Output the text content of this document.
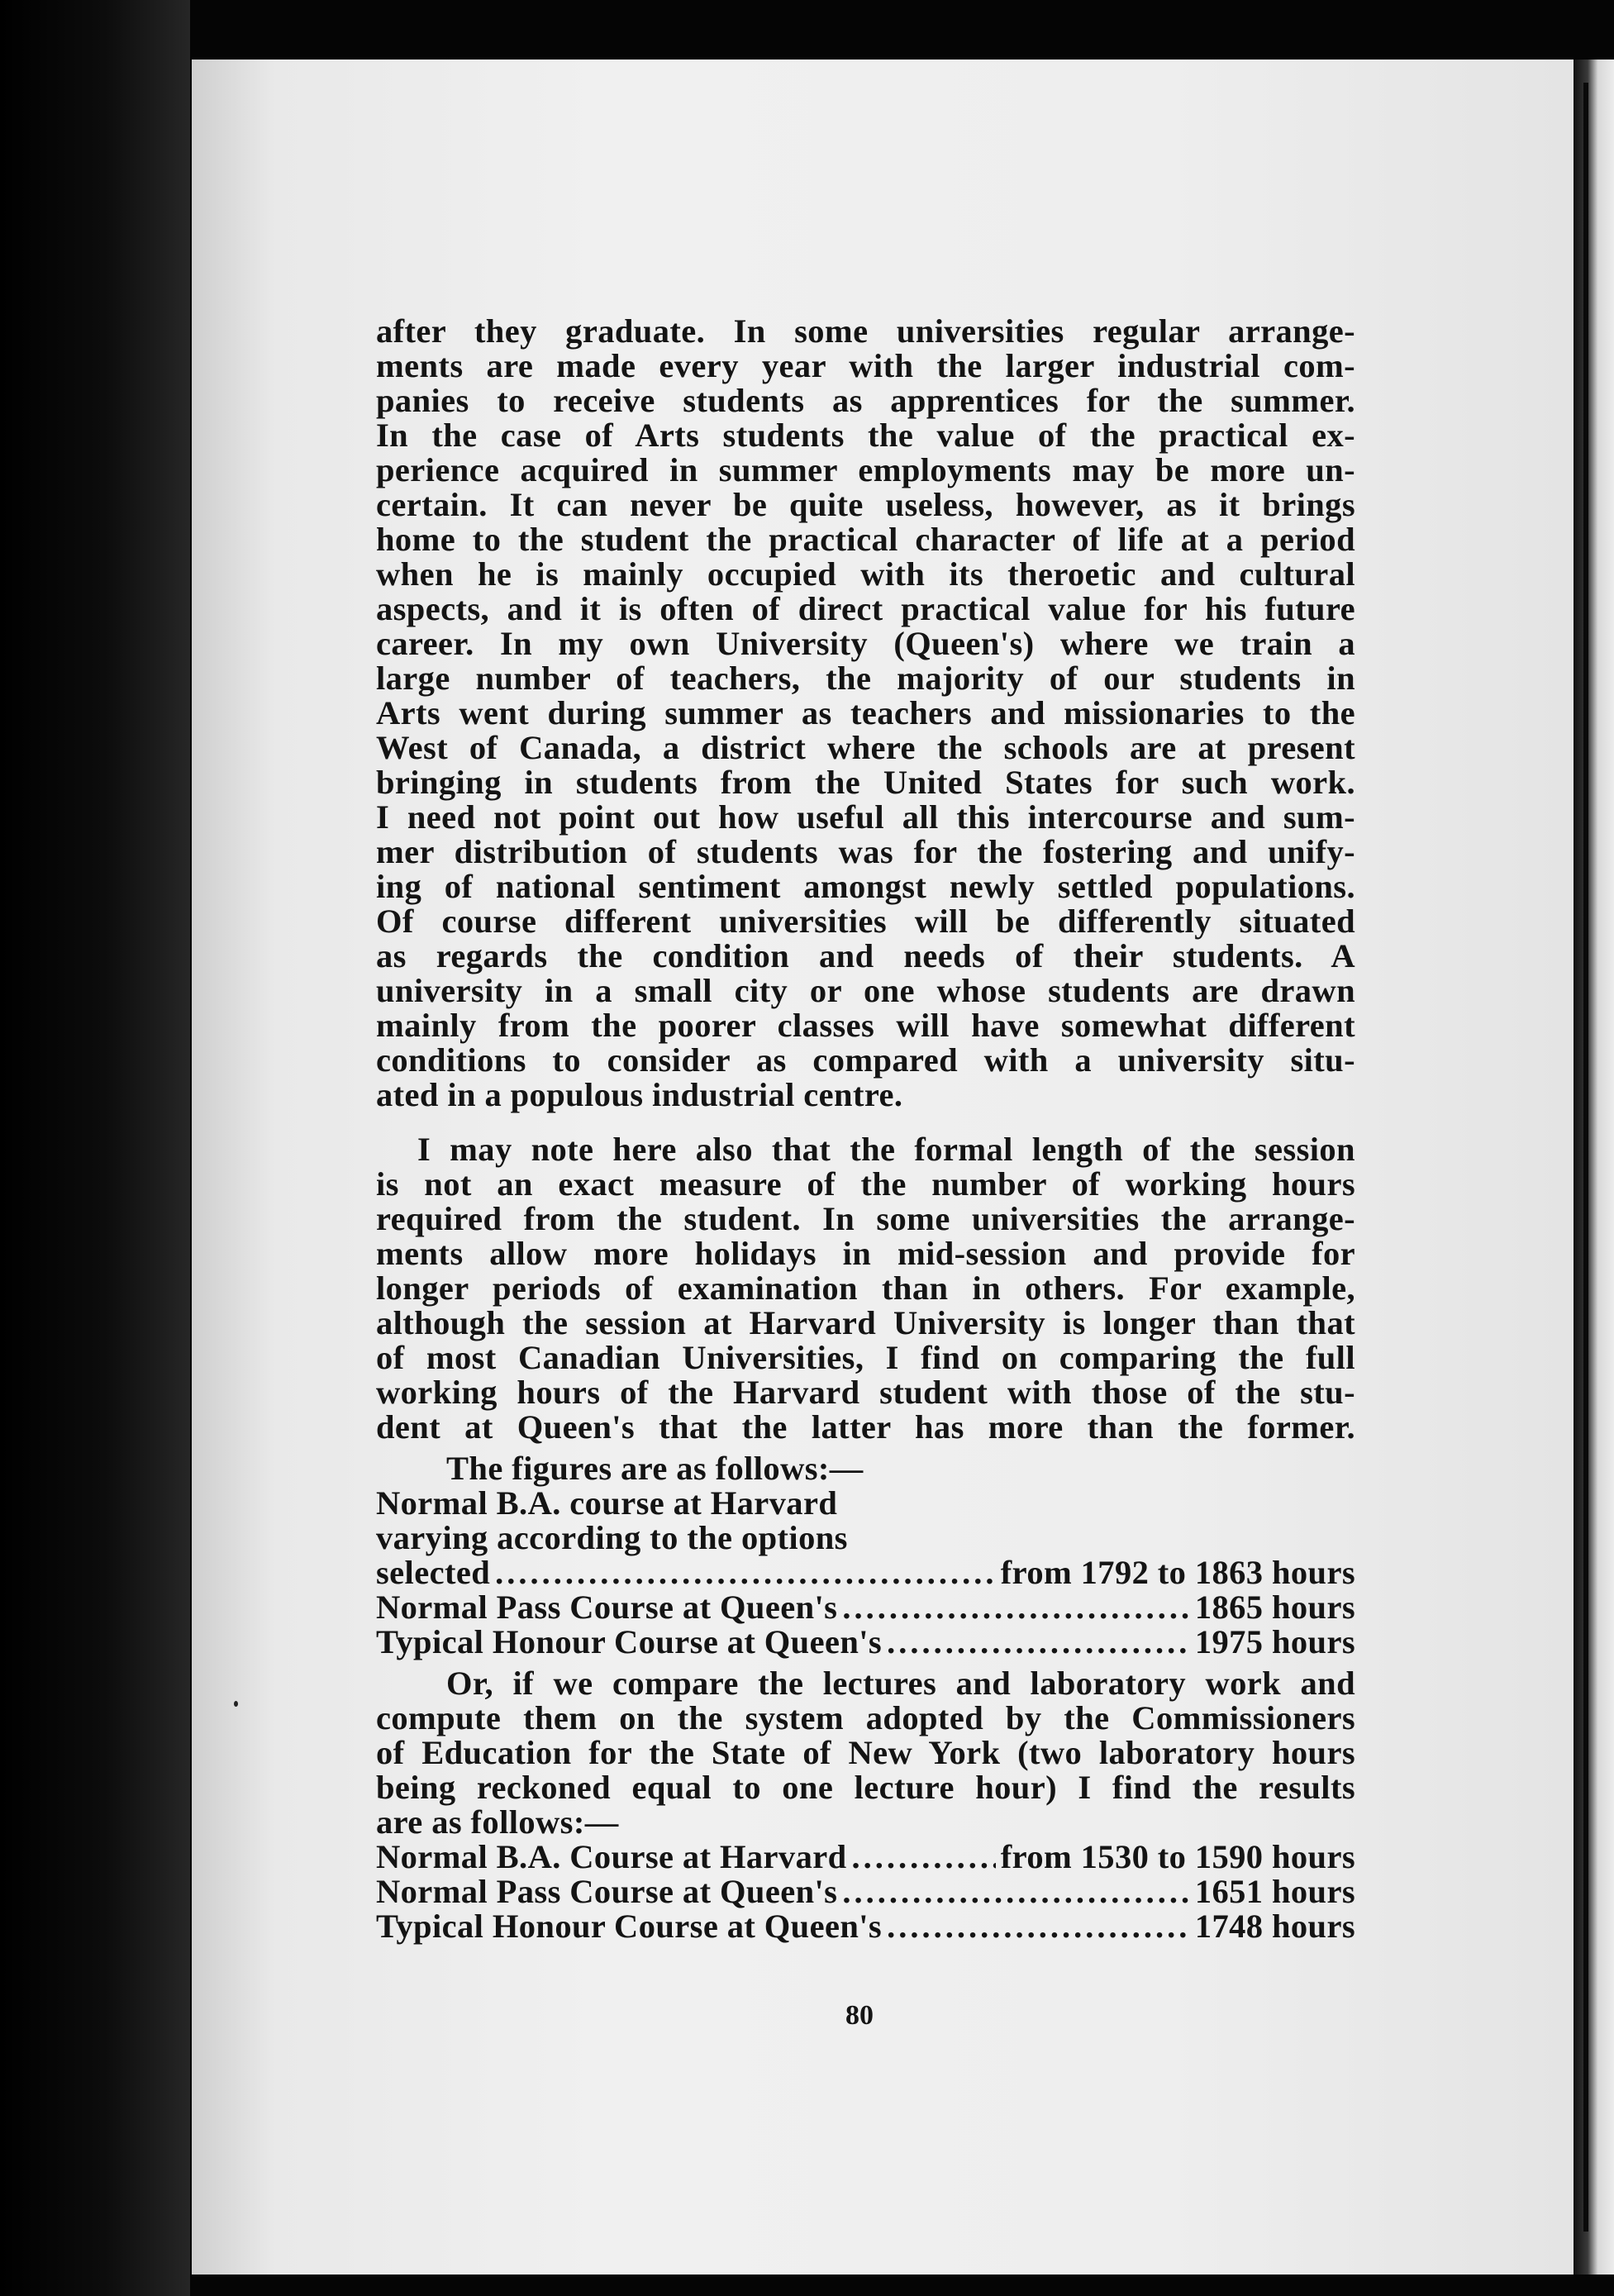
after they graduate. In some universities regular arrange-
ments are made every year with the larger industrial com-
panies to receive students as apprentices for the summer.
In the case of Arts students the value of the practical ex-
perience acquired in summer employments may be more un-
certain. It can never be quite useless, however, as it brings
home to the student the practical character of life at a period
when he is mainly occupied with its theroetic and cultural
aspects, and it is often of direct practical value for his future
career. In my own University (Queen's) where we train a
large number of teachers, the majority of our students in
Arts went during summer as teachers and missionaries to the
West of Canada, a district where the schools are at present
bringing in students from the United States for such work.
I need not point out how useful all this intercourse and sum-
mer distribution of students was for the fostering and unify-
ing of national sentiment amongst newly settled populations.
Of course different universities will be differently situated
as regards the condition and needs of their students. A
university in a small city or one whose students are drawn
mainly from the poorer classes will have somewhat different
conditions to consider as compared with a university situ-
ated in a populous industrial centre.
I may note here also that the formal length of the session
is not an exact measure of the number of working hours
required from the student. In some universities the arrange-
ments allow more holidays in mid-session and provide for
longer periods of examination than in others. For example,
although the session at Harvard University is longer than that
of most Canadian Universities, I find on comparing the full
working hours of the Harvard student with those of the stu-
dent at Queen's that the latter has more than the former.
The figures are as follows:—
Normal B.A. course at Harvard
varying according to the options
selected .....	from 1792 to 1863 hours
Normal Pass Course at Queen's .....	1865 hours
Typical Honour Course at Queen's .....	1975 hours
Or, if we compare the lectures and laboratory work and
compute them on the system adopted by the Commissioners
of Education for the State of New York (two laboratory hours
being reckoned equal to one lecture hour) I find the results
are as follows:—
Normal B.A. Course at Harvard .....	from 1530 to 1590 hours
Normal Pass Course at Queen's .....	1651 hours
Typical Honour Course at Queen's .....	1748 hours
80
